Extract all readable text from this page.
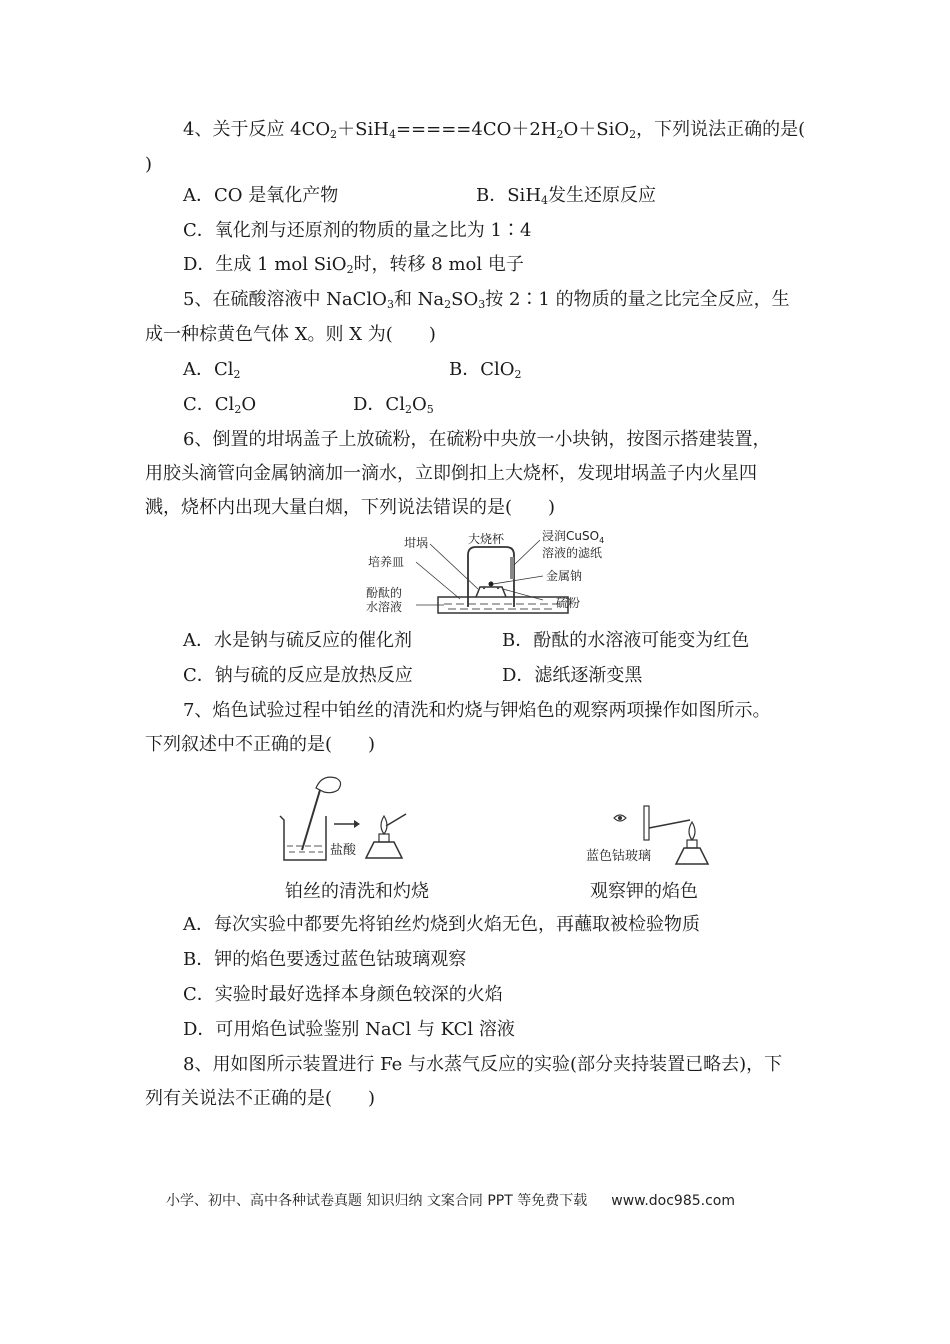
4、关于反应 $4CO_2+SiH_4=====4CO+2H_2O+SiO_2$，下列说法正确的是(
)
A．CO 是氧化产物	B．SiH$_4$发生还原反应
C．氧化剂与还原剂的物质的量之比为 1∶4
D．生成 1 mol SiO$_2$时，转移 8 mol 电子
5、在硫酸溶液中 NaClO$_3$和 $Na_2SO_3$按 2∶1 的物质的量之比完全反应，生
成一种棕黄色气体 X。则 X 为(　　)
A．$Cl_2$	B．ClO$_2$
C．$Cl_2O$	D．$Cl_2O_5$
6、倒置的坩埚盖子上放硫粉，在硫粉中央放一小块钠，按图示搭建装置，
用胶头滴管向金属钠滴加一滴水，立即倒扣上大烧杯，发现坩埚盖子内火星四
溅，烧杯内出现大量白烟，下列说法错误的是(　　)
坩埚	大烧杯
培养皿
酚酞的
水溶液
浸润CuSO$_4$
溶液的滤纸
金属钠
硫粉
A．水是钠与硫反应的催化剂	B．酚酞的水溶液可能变为红色
C．钠与硫的反应是放热反应	D．滤纸逐渐变黑
7、焰色试验过程中铂丝的清洗和灼烧与钾焰色的观察两项操作如图所示。
下列叙述中不正确的是(　　)
盐酸	蓝色钴玻璃
铂丝的清洗和灼烧	观察钾的焰色
A．每次实验中都要先将铂丝灼烧到火焰无色，再蘸取被检验物质
B．钾的焰色要透过蓝色钴玻璃观察
C．实验时最好选择本身颜色较深的火焰
D．可用焰色试验鉴别 NaCl 与 KCl 溶液
8、用如图所示装置进行 Fe 与水蒸气反应的实验(部分夹持装置已略去)，下
列有关说法不正确的是(　　)
小学、初中、高中各种试卷真题 知识归纳 文案合同 PPT 等免费下载 www.doc985.com
